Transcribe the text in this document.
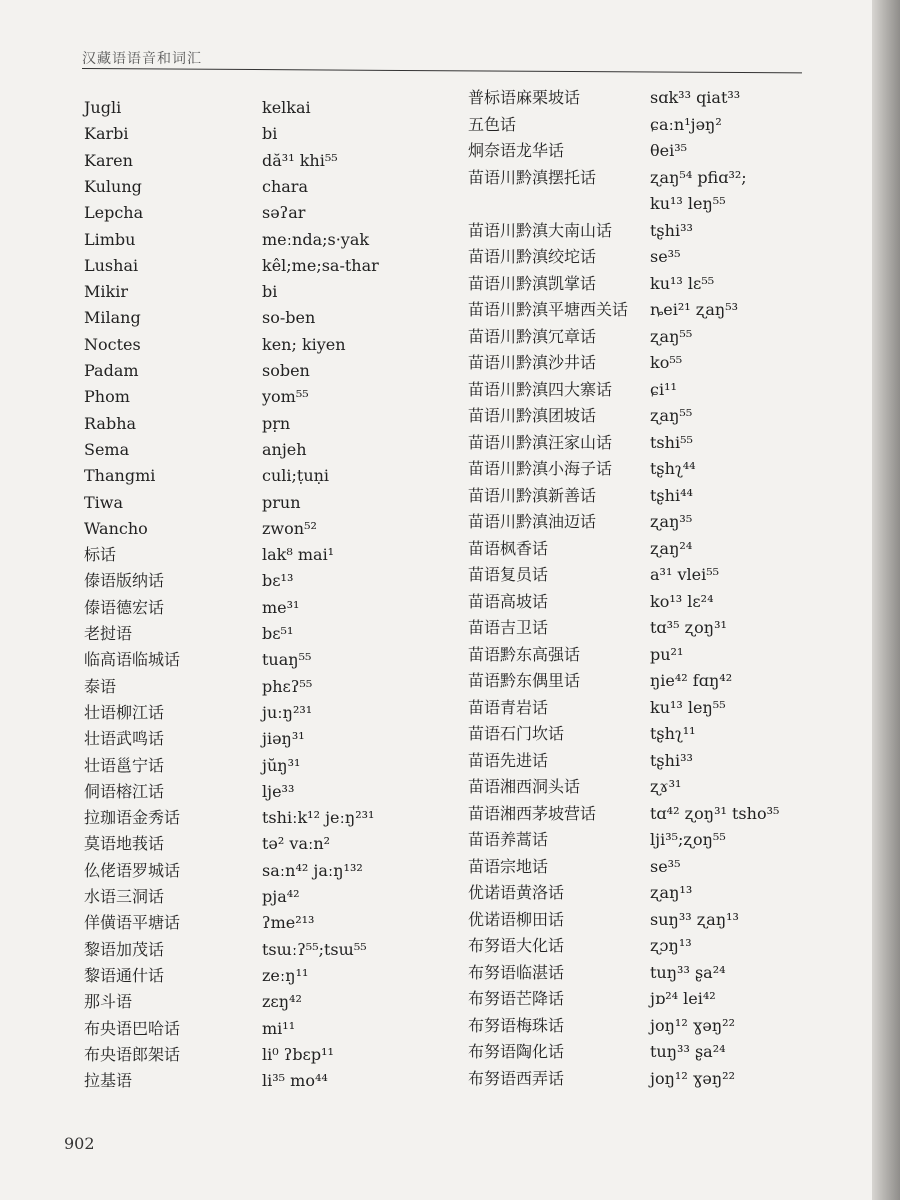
汉藏语语音和词汇
Jugli	kelkai
Karbi	bi
Karen	dă³¹ khi⁵⁵
Kulung	chara
Lepcha	səʔar
Limbu	meːnda;s·yak
Lushai	kêl;me;sa-thar
Mikir	bi
Milang	so-ben
Noctes	ken; kiyen
Padam	soben
Phom	yom⁵⁵
Rabha	pṛn
Sema	anjeh
Thangmi	culi;ṭuṇi
Tiwa	prun
Wancho	zwon⁵²
标话	lak⁸ mai¹
傣语版纳话	bɛ¹³
傣语德宏话	me³¹
老挝语	bɛ⁵¹
临高语临城话	tuaŋ⁵⁵
泰语	phɛʔ⁵⁵
壮语柳江话	juːŋ²³¹
壮语武鸣话	jiəŋ³¹
壮语邕宁话	jŭŋ³¹
侗语榕江话	lje³³
拉珈语金秀话	tshiːk¹² jeːŋ²³¹
莫语地莪话	tə² vaːn²
仫佬语罗城话	saːn⁴² jaːŋ¹³²
水语三洞话	pja⁴²
佯僙语平塘话	ʔme²¹³
黎语加茂话	tsɯːʔ⁵⁵;tsɯ⁵⁵
黎语通什话	zeːŋ¹¹
那斗语	zɛŋ⁴²
布央语巴哈话	mi¹¹
布央语郎架话	li⁰ ʔbɛp¹¹
拉基语	li³⁵ mo⁴⁴
普标语麻栗坡话	sɑk³³ qiat³³
五色话	ɕaːn¹jəŋ²
炯奈语龙华话	θei³⁵
苗语川黔滇摆托话	ʐaŋ⁵⁴ pfiɑ³²;
ku¹³ leŋ⁵⁵
苗语川黔滇大南山话 tʂhi³³
苗语川黔滇绞坨话	se³⁵
苗语川黔滇凯掌话	ku¹³ lɛ⁵⁵
苗语川黔滇平塘西关话 ȵei²¹ ʐaŋ⁵³
苗语川黔滇冗章话	ʐaŋ⁵⁵
苗语川黔滇沙井话	ko⁵⁵
苗语川黔滇四大寨话 ɕi¹¹
苗语川黔滇团坡话	ʐaŋ⁵⁵
苗语川黔滇汪家山话 tshi⁵⁵
苗语川黔滇小海子话 tʂhʅ⁴⁴
苗语川黔滇新善话	tʂhi⁴⁴
苗语川黔滇油迈话	ʐaŋ³⁵
苗语枫香话	ʐaŋ²⁴
苗语复员话	a³¹ vlei⁵⁵
苗语高坡话	ko¹³ lɛ²⁴
苗语吉卫话	tɑ³⁵ ʐoŋ³¹
苗语黔东高强话	pu²¹
苗语黔东偶里话	ŋie⁴² fɑŋ⁴²
苗语青岩话	ku¹³ leŋ⁵⁵
苗语石门坎话	tʂhʅ¹¹
苗语先进话	tʂhi³³
苗语湘西洞头话	ʐɤ³¹
苗语湘西茅坡营话	tɑ⁴² ʐoŋ³¹ tsho³⁵
苗语养蒿话	lji³⁵;ʐoŋ⁵⁵
苗语宗地话	se³⁵
优诺语黄洛话	ʐaŋ¹³
优诺语柳田话	suŋ³³ ʐaŋ¹³
布努语大化话	ʐɔŋ¹³
布努语临湛话	tuŋ³³ ʂa²⁴
布努语芒降话	jɒ²⁴ lei⁴²
布努语梅珠话	joŋ¹² ɣəŋ²²
布努语陶化话	tuŋ³³ ʂa²⁴
布努语西弄话	joŋ¹² ɣəŋ²²
902
